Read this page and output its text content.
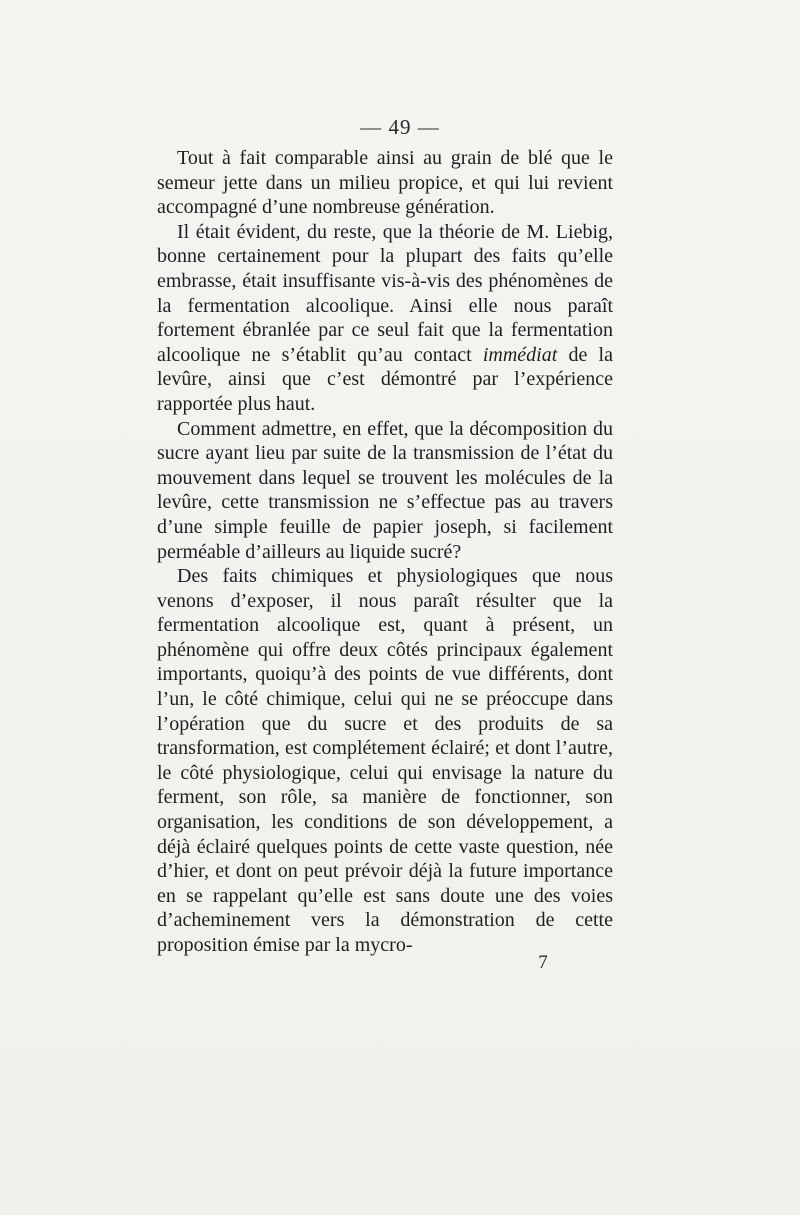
— 49 —

Tout à fait comparable ainsi au grain de blé que le semeur jette dans un milieu propice, et qui lui revient accompagné d’une nombreuse génération.

Il était évident, du reste, que la théorie de M. Liebig, bonne certainement pour la plupart des faits qu’elle embrasse, était insuffisante vis-à-vis des phénomènes de la fermentation alcoolique. Ainsi elle nous paraît fortement ébranlée par ce seul fait que la fermentation alcoolique ne s’établit qu’au contact immédiat de la levûre, ainsi que c’est démontré par l’expérience rapportée plus haut.

Comment admettre, en effet, que la décomposition du sucre ayant lieu par suite de la transmission de l’état du mouvement dans lequel se trouvent les molécules de la levûre, cette transmission ne s’effectue pas au travers d’une simple feuille de papier joseph, si facilement perméable d’ailleurs au liquide sucré?

Des faits chimiques et physiologiques que nous venons d’exposer, il nous paraît résulter que la fermentation alcoolique est, quant à présent, un phénomène qui offre deux côtés principaux également importants, quoiqu’à des points de vue différents, dont l’un, le côté chimique, celui qui ne se préoccupe dans l’opération que du sucre et des produits de sa transformation, est complétement éclairé; et dont l’autre, le côté physiologique, celui qui envisage la nature du ferment, son rôle, sa manière de fonctionner, son organisation, les conditions de son développement, a déjà éclairé quelques points de cette vaste question, née d’hier, et dont on peut prévoir déjà la future importance en se rappelant qu’elle est sans doute une des voies d’acheminement vers la démonstration de cette proposition émise par la mycro-

7
